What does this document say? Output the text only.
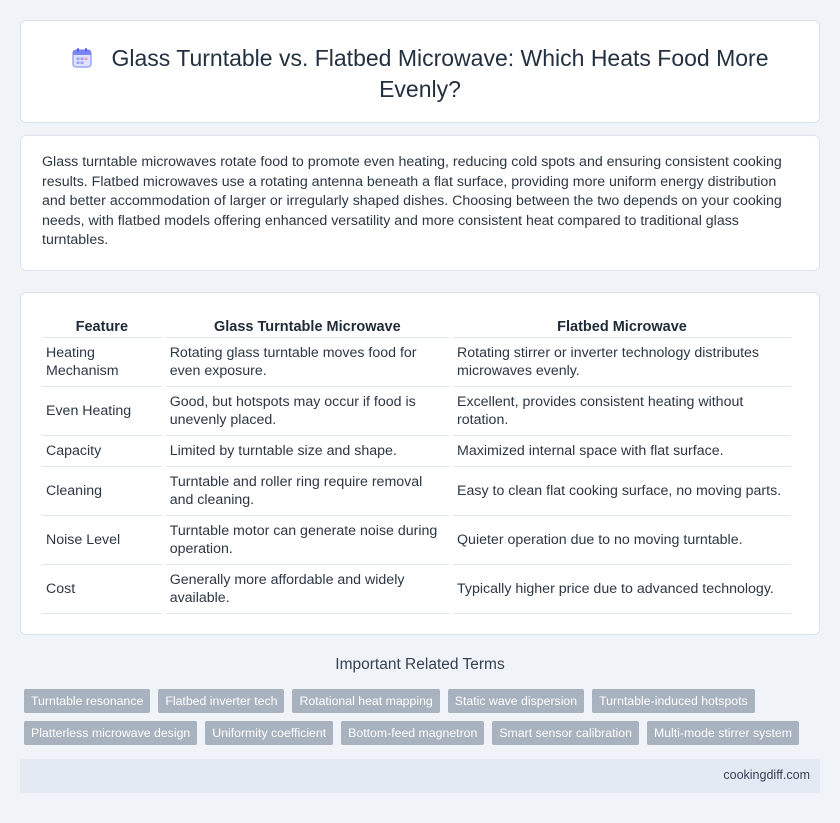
Glass Turntable vs. Flatbed Microwave: Which Heats Food More Evenly?

Glass turntable microwaves rotate food to promote even heating, reducing cold spots and ensuring consistent cooking results. Flatbed microwaves use a rotating antenna beneath a flat surface, providing more uniform energy distribution and better accommodation of larger or irregularly shaped dishes. Choosing between the two depends on your cooking needs, with flatbed models offering enhanced versatility and more consistent heat compared to traditional glass turntables.

Feature	Glass Turntable Microwave	Flatbed Microwave
Heating Mechanism	Rotating glass turntable moves food for even exposure.	Rotating stirrer or inverter technology distributes microwaves evenly.
Even Heating	Good, but hotspots may occur if food is unevenly placed.	Excellent, provides consistent heating without rotation.
Capacity	Limited by turntable size and shape.	Maximized internal space with flat surface.
Cleaning	Turntable and roller ring require removal and cleaning.	Easy to clean flat cooking surface, no moving parts.
Noise Level	Turntable motor can generate noise during operation.	Quieter operation due to no moving turntable.
Cost	Generally more affordable and widely available.	Typically higher price due to advanced technology.
Important Related Terms
Turntable resonance	Flatbed inverter tech	Rotational heat mapping	Static wave dispersion	Turntable-induced hotspots
Platterless microwave design	Uniformity coefficient	Bottom-feed magnetron	Smart sensor calibration	Multi-mode stirrer system
cookingdiff.com
